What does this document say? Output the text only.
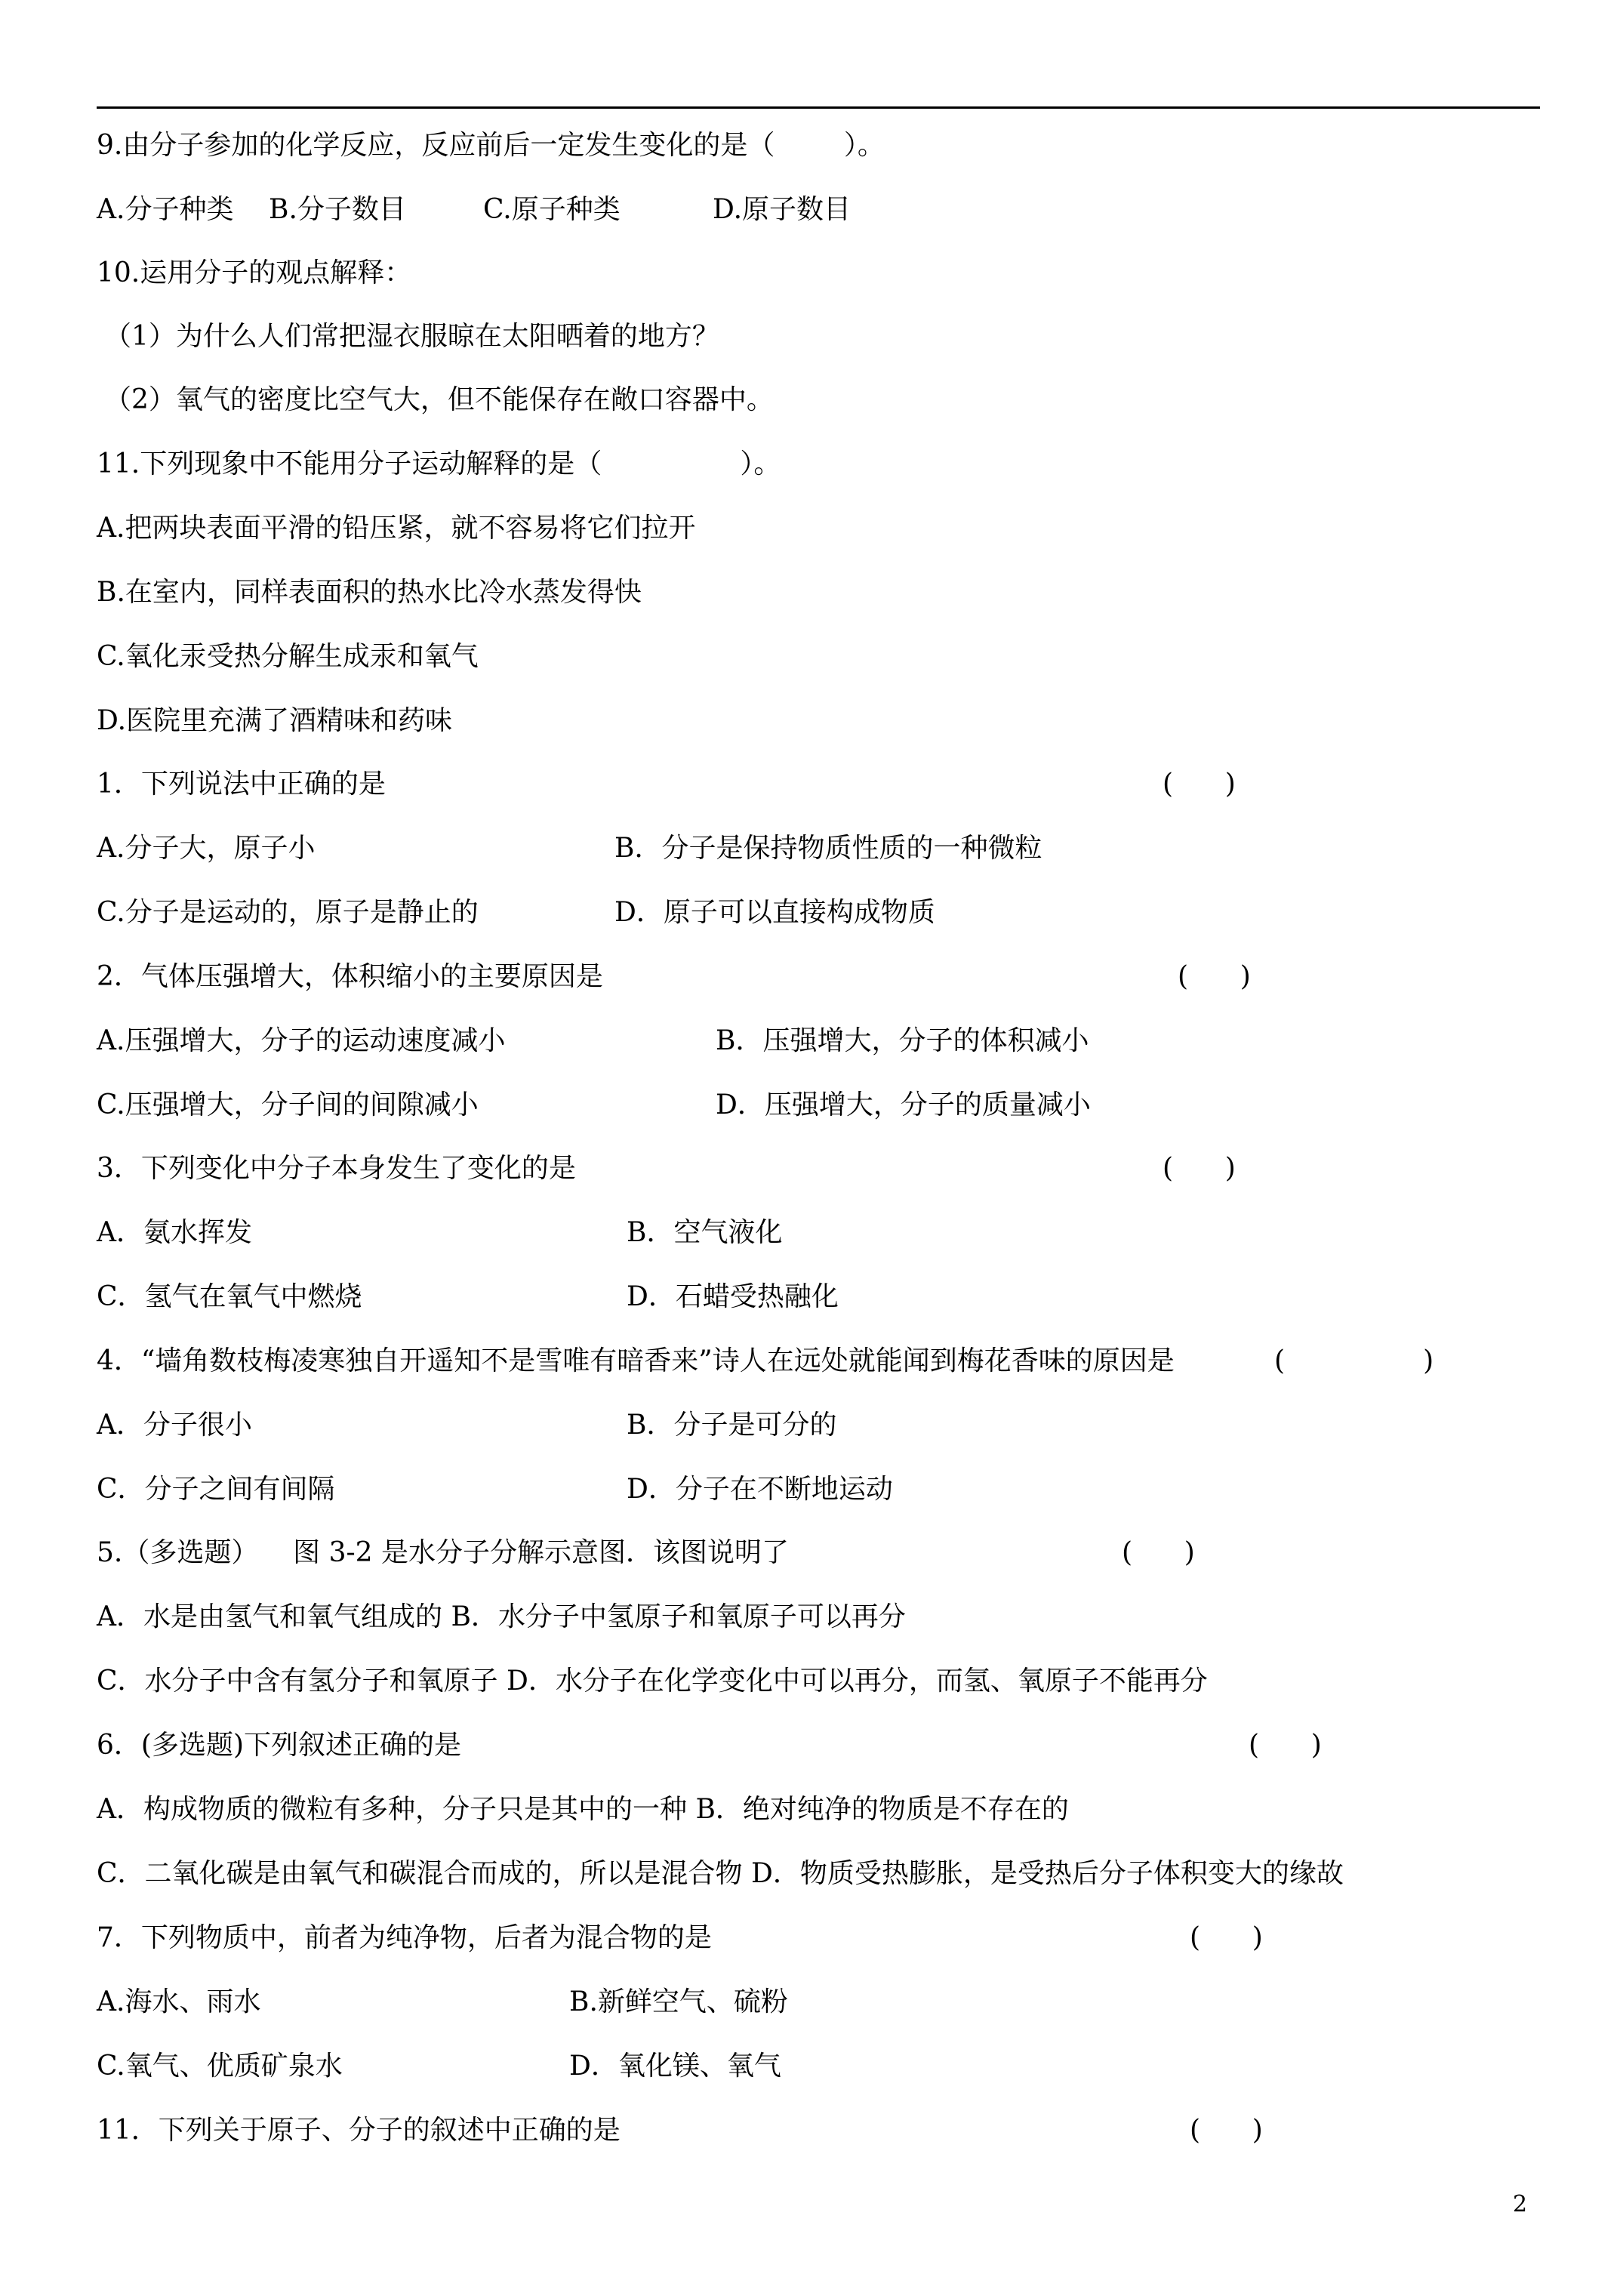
9.由分子参加的化学反应，反应前后一定发生变化的是（        ）。

A.分子种类

B.分子数目

	C.原子种类

	D.原子数目

10.运用分子的观点解释：

（1）为什么人们常把湿衣服晾在太阳晒着的地方？

（2）氧气的密度比空气大，但不能保存在敞口容器中。

11.下列现象中不能用分子运动解释的是（                ）。

A.把两块表面平滑的铅压紧，就不容易将它们拉开

B.在室内，同样表面积的热水比冷水蒸发得快

C.氧化汞受热分解生成汞和氧气

D.医院里充满了酒精味和药味

1．下列说法中正确的是

	(      )

A.分子大，原子小

	B．分子是保持物质性质的一种微粒

C.分子是运动的，原子是静止的

	D．原子可以直接构成物质

2．气体压强增大，体积缩小的主要原因是

	(      )

A.压强增大，分子的运动速度减小

	B．压强增大，分子的体积减小

C.压强增大，分子间的间隙减小

	D．压强增大，分子的质量减小

3．下列变化中分子本身发生了变化的是

	(      )

A．氨水挥发

	B．空气液化

C．氢气在氧气中燃烧

	D．石蜡受热融化

4．“墙角数枝梅凌寒独自开遥知不是雪唯有暗香来”诗人在远处就能闻到梅花香味的原因是

	(                )

A．分子很小

	B．分子是可分的

C．分子之间有间隔

	D．分子在不断地运动

5.（多选题）    图 3-2 是水分子分解示意图．该图说明了

	(      )

A．水是由氢气和氧气组成的 B．水分子中氢原子和氧原子可以再分

C．水分子中含有氢分子和氧原子 D．水分子在化学变化中可以再分，而氢、氧原子不能再分

6．(多选题)下列叙述正确的是

	(      )

A．构成物质的微粒有多种，分子只是其中的一种 B．绝对纯净的物质是不存在的

C．二氧化碳是由氧气和碳混合而成的，所以是混合物 D．物质受热膨胀，是受热后分子体积变大的缘故

7．下列物质中，前者为纯净物，后者为混合物的是

	(      )

A.海水、雨水

	B.新鲜空气、硫粉

C.氧气、优质矿泉水

	D．氧化镁、氧气

11．下列关于原子、分子的叙述中正确的是

	(      )

2
